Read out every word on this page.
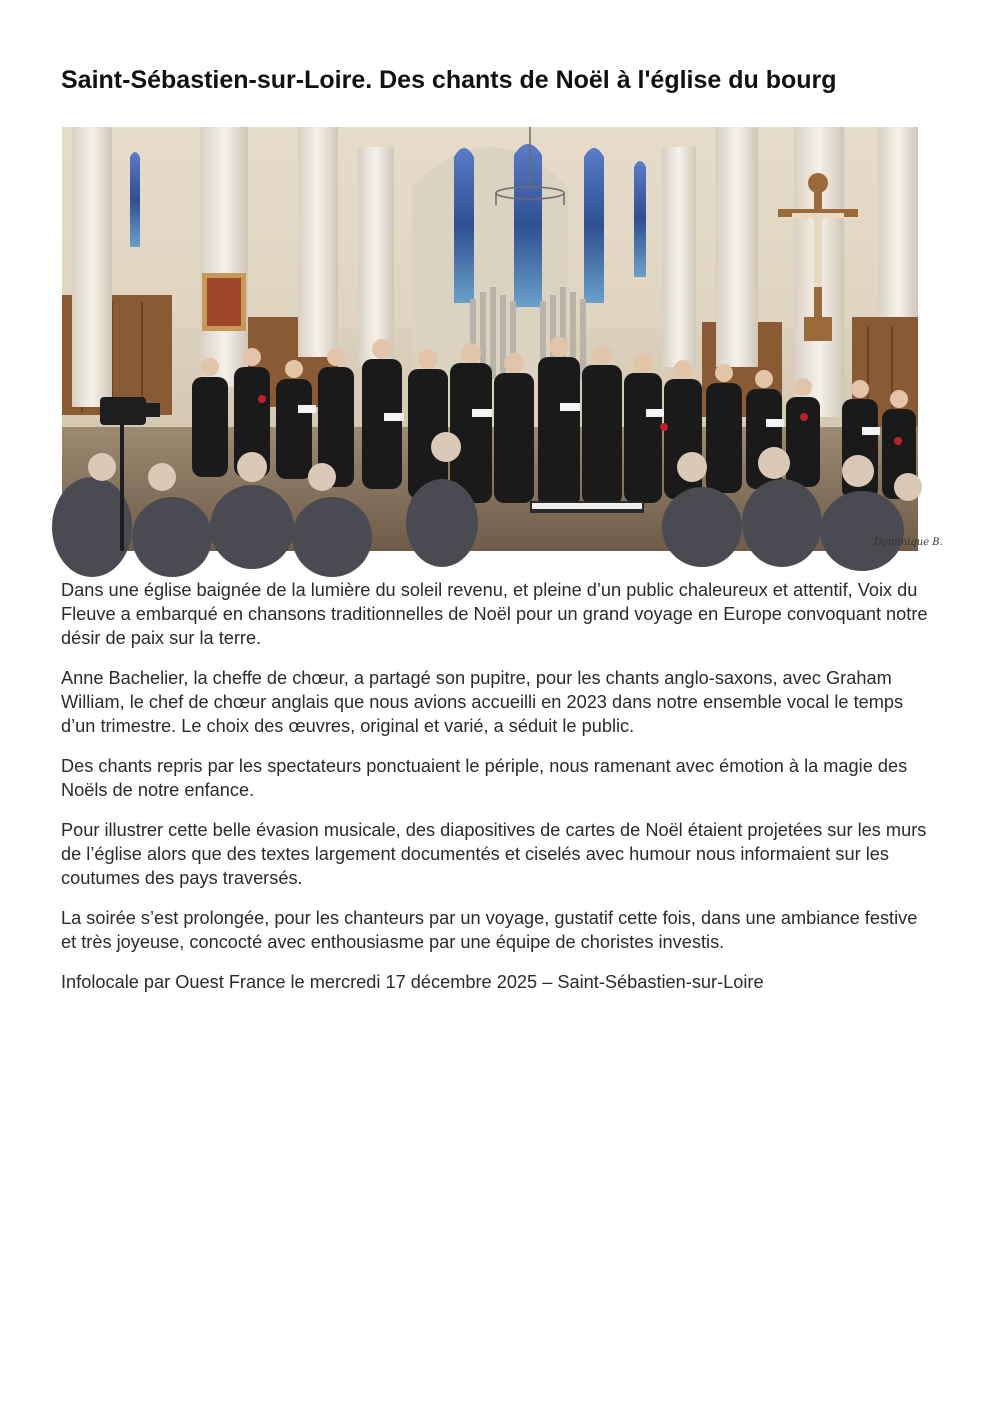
Saint-Sébastien-sur-Loire. Des chants de Noël à l'église du bourg
Dominique B.

Dans une église baignée de la lumière du soleil revenu, et pleine d’un public chaleureux et attentif, Voix du Fleuve a embarqué en chansons traditionnelles de Noël pour un grand voyage en Europe convoquant notre désir de paix sur la terre.

Anne Bachelier, la cheffe de chœur, a partagé son pupitre, pour les chants anglo-saxons, avec Graham William, le chef de chœur anglais que nous avions accueilli en 2023 dans notre ensemble vocal le temps d’un trimestre. Le choix des œuvres, original et varié, a séduit le public.

Des chants repris par les spectateurs ponctuaient le périple, nous ramenant avec émotion à la magie des Noëls de notre enfance.

Pour illustrer cette belle évasion musicale, des diapositives de cartes de Noël étaient projetées sur les murs de l’église alors que des textes largement documentés et ciselés avec humour nous informaient sur les coutumes des pays traversés.

La soirée s’est prolongée, pour les chanteurs par un voyage, gustatif cette fois, dans une ambiance festive et très joyeuse, concocté avec enthousiasme par une équipe de choristes investis.

Infolocale par Ouest France le mercredi 17 décembre 2025 – Saint-Sébastien-sur-Loire
